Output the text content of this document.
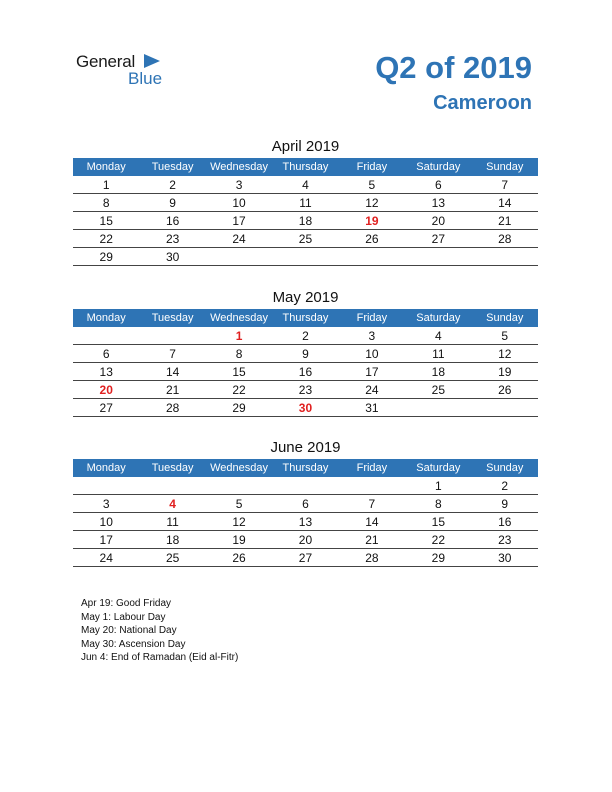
General
Blue	Q2 of 2019
Cameroon
April 2019
Monday	Tuesday	Wednesday	Thursday	Friday	Saturday	Sunday
1	2	3	4	5	6	7
8	9	10	11	12	13	14
15	16	17	18	19	20	21
22	23	24	25	26	27	28
29	30					
May 2019
Monday	Tuesday	Wednesday	Thursday	Friday	Saturday	Sunday
		1	2	3	4	5
6	7	8	9	10	11	12
13	14	15	16	17	18	19
20	21	22	23	24	25	26
27	28	29	30	31		
June 2019
Monday	Tuesday	Wednesday	Thursday	Friday	Saturday	Sunday
					1	2
3	4	5	6	7	8	9
10	11	12	13	14	15	16
17	18	19	20	21	22	23
24	25	26	27	28	29	30
Apr 19: Good Friday
May 1: Labour Day
May 20: National Day
May 30: Ascension Day
Jun 4: End of Ramadan (Eid al-Fitr)
